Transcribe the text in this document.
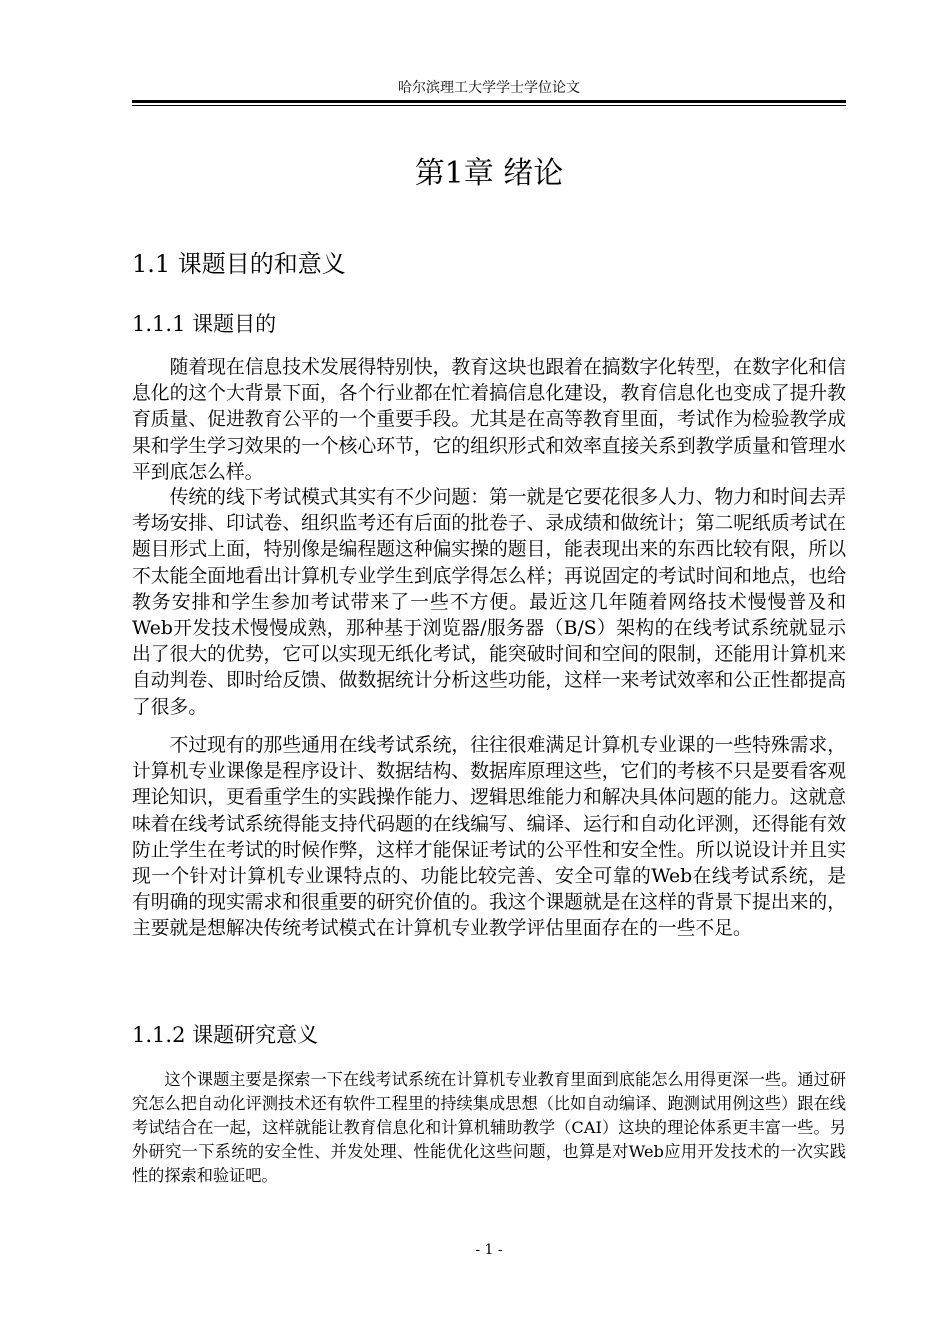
哈尔滨理工大学学士学位论文
第1章 绪论
1.1 课题目的和意义
1.1.1 课题目的

随着现在信息技术发展得特别快，教育这块也跟着在搞数字化转型，在数字化和信息化的这个大背景下面，各个行业都在忙着搞信息化建设，教育信息化也变成了提升教育质量、促进教育公平的一个重要手段。尤其是在高等教育里面，考试作为检验教学成果和学生学习效果的一个核心环节，它的组织形式和效率直接关系到教学质量和管理水平到底怎么样。

传统的线下考试模式其实有不少问题：第一就是它要花很多人力、物力和时间去弄考场安排、印试卷、组织监考还有后面的批卷子、录成绩和做统计；第二呢纸质考试在题目形式上面，特别像是编程题这种偏实操的题目，能表现出来的东西比较有限，所以不太能全面地看出计算机专业学生到底学得怎么样；再说固定的考试时间和地点，也给教务安排和学生参加考试带来了一些不方便。最近这几年随着网络技术慢慢普及和Web开发技术慢慢成熟，那种基于浏览器/服务器（B/S）架构的在线考试系统就显示出了很大的优势，它可以实现无纸化考试，能突破时间和空间的限制，还能用计算机来自动判卷、即时给反馈、做数据统计分析这些功能，这样一来考试效率和公正性都提高了很多。

不过现有的那些通用在线考试系统，往往很难满足计算机专业课的一些特殊需求，计算机专业课像是程序设计、数据结构、数据库原理这些，它们的考核不只是要看客观理论知识，更看重学生的实践操作能力、逻辑思维能力和解决具体问题的能力。这就意味着在线考试系统得能支持代码题的在线编写、编译、运行和自动化评测，还得能有效防止学生在考试的时候作弊，这样才能保证考试的公平性和安全性。所以说设计并且实现一个针对计算机专业课特点的、功能比较完善、安全可靠的Web在线考试系统，是有明确的现实需求和很重要的研究价值的。我这个课题就是在这样的背景下提出来的，主要就是想解决传统考试模式在计算机专业教学评估里面存在的一些不足。

1.1.2 课题研究意义

这个课题主要是探索一下在线考试系统在计算机专业教育里面到底能怎么用得更深一些。通过研究怎么把自动化评测技术还有软件工程里的持续集成思想（比如自动编译、跑测试用例这些）跟在线考试结合在一起，这样就能让教育信息化和计算机辅助教学（CAI）这块的理论体系更丰富一些。另外研究一下系统的安全性、并发处理、性能优化这些问题，也算是对Web应用开发技术的一次实践性的探索和验证吧。

- 1 -
